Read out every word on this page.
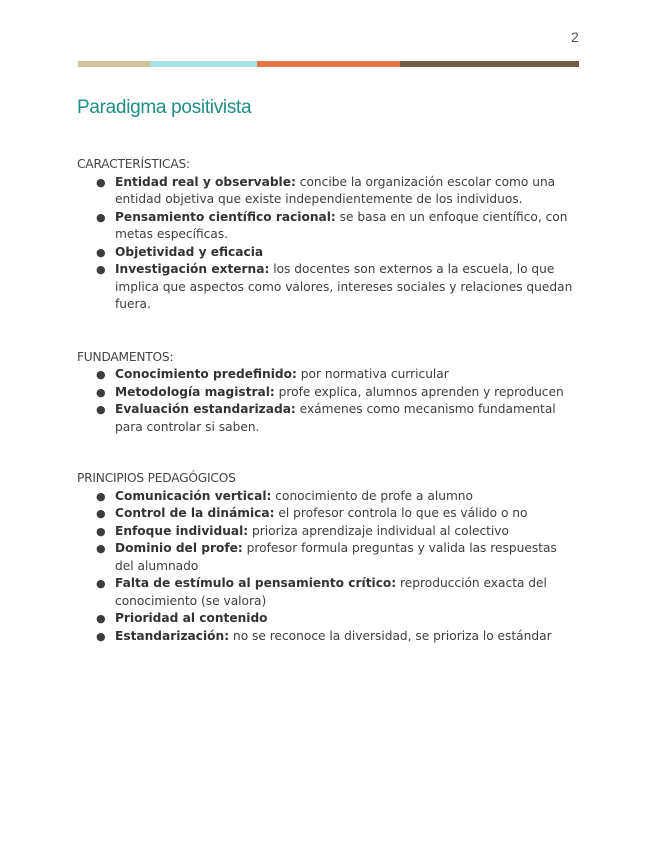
2
Paradigma positivista

CARACTERÍSTICAS:

● Entidad real y observable: concibe la organización escolar como una entidad objetiva que existe independientemente de los individuos.
● Pensamiento científico racional: se basa en un enfoque científico, con metas específicas.
● Objetividad y eficacia
● Investigación externa: los docentes son externos a la escuela, lo que implica que aspectos como valores, intereses sociales y relaciones quedan fuera.

FUNDAMENTOS:

● Conocimiento predefinido: por normativa curricular
● Metodología magistral: profe explica, alumnos aprenden y reproducen
● Evaluación estandarizada: exámenes como mecanismo fundamental para controlar si saben.

PRINCIPIOS PEDAGÓGICOS

● Comunicación vertical: conocimiento de profe a alumno
● Control de la dinámica: el profesor controla lo que es válido o no
● Enfoque individual: prioriza aprendizaje individual al colectivo
● Dominio del profe: profesor formula preguntas y valida las respuestas del alumnado
● Falta de estímulo al pensamiento crítico: reproducción exacta del conocimiento (se valora)
● Prioridad al contenido
● Estandarización: no se reconoce la diversidad, se prioriza lo estándar
